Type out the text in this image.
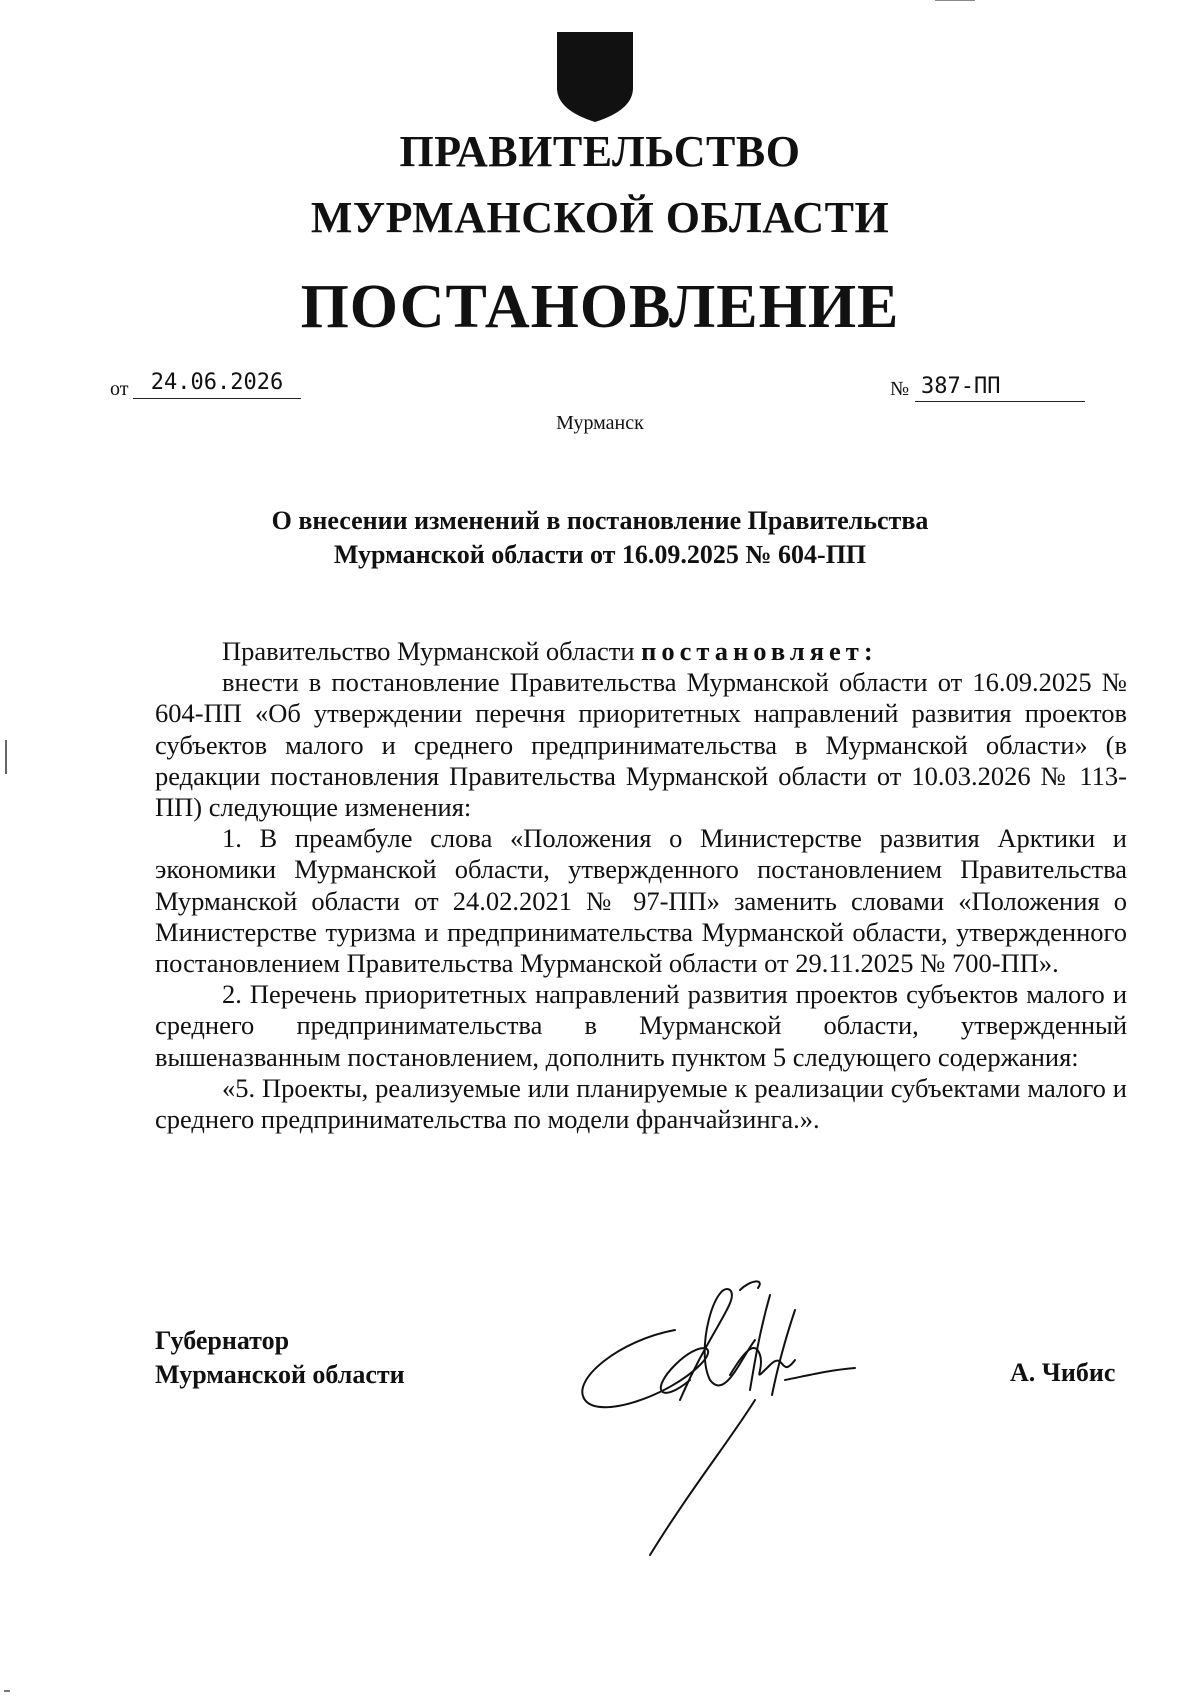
ПРАВИТЕЛЬСТВО
МУРМАНСКОЙ ОБЛАСТИ
ПОСТАНОВЛЕНИЕ
от	24.06.2026	№ 387-ПП
Мурманск
О внесении изменений в постановление Правительства
Мурманской области от 16.09.2025 № 604-ПП

Правительство Мурманской области постановляет:

внести в постановление Правительства Мурманской области от 16.09.2025 № 604-ПП «Об утверждении перечня приоритетных направлений развития проектов субъектов малого и среднего предпринимательства в Мурманской области» (в редакции постановления Правительства Мурманской области от 10.03.2026 № 113-ПП) следующие изменения:

1. В преамбуле слова «Положения о Министерстве развития Арктики и экономики Мурманской области, утвержденного постановлением Правительства Мурманской области от 24.02.2021 № 97-ПП» заменить словами «Положения о Министерстве туризма и предпринимательства Мурманской области, утвержденного постановлением Правительства Мурманской области от 29.11.2025 № 700-ПП».

2. Перечень приоритетных направлений развития проектов субъектов малого и среднего предпринимательства в Мурманской области, утвержденный вышеназванным постановлением, дополнить пунктом 5 следующего содержания:

«5. Проекты, реализуемые или планируемые к реализации субъектами малого и среднего предпринимательства по модели франчайзинга.».

Губернатор
Мурманской области	А. Чибис
